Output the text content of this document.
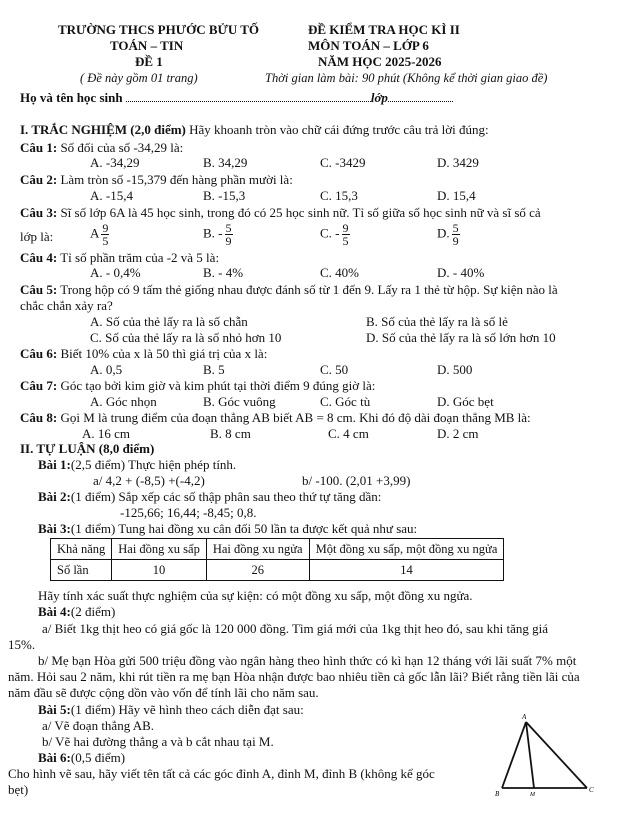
TRƯỜNG THCS PHƯỚC BỬU TỐ
TOÁN – TIN
ĐỀ 1
( Đề này gồm 01 trang)
ĐỀ KIỂM TRA HỌC KÌ II
MÔN TOÁN – LỚP 6
NĂM HỌC 2025-2026
Thời gian làm bài: 90 phút (Không kể thời gian giao đề)
Họ và tên học sinh	lớp
I. TRẮC NGHIỆM (2,0 điểm) Hãy khoanh tròn vào chữ cái đứng trước câu trả lời đúng:
Câu 1: Số đối của số -34,29 là:
A. -34,29	B. 34,29	C. -3429	D. 3429
Câu 2: Làm tròn số -15,379 đến hàng phần mười là:
A. -15,4	B. -15,3	C. 15,3	D. 15,4
Câu 3: Sĩ số lớp 6A là 45 học sinh, trong đó có 25 học sinh nữ. Tỉ số giữa số học sinh nữ và sĩ số cả
lớp là:	A $\frac{9}{5}$	B. - $\frac{5}{9}$	C. - $\frac{9}{5}$	D. $\frac{5}{9}$
Câu 4: Tỉ số phần trăm của -2 và 5 là:
A. - 0,4%	B. - 4%	C. 40%	D. - 40%
Câu 5: Trong hộp có 9 tấm thẻ giống nhau được đánh số từ 1 đến 9. Lấy ra 1 thẻ từ hộp. Sự kiện nào là
chắc chắn xảy ra?
A. Số của thẻ lấy ra là số chẵn	B. Số của thẻ lấy ra là số lẻ
C. Số của thẻ lấy ra là số nhỏ hơn 10	D. Số của thẻ lấy ra là số lớn hơn 10
Câu 6: Biết 10% của x là 50 thì giá trị của x là:
A. 0,5	B. 5	C. 50	D. 500
Câu 7: Góc tạo bởi kim giờ và kim phút tại thời điểm 9 đúng giờ là:
A. Góc nhọn	B. Góc vuông	C. Góc tù	D. Góc bẹt
Câu 8: Gọi M là trung điểm của đoạn thẳng AB biết AB = 8 cm. Khi đó độ dài đoạn thẳng MB là:
A. 16 cm	B. 8 cm	C. 4 cm	D. 2 cm
II. TỰ LUẬN (8,0 điểm)
Bài 1:(2,5 điểm) Thực hiện phép tính.
a/ 4,2 + (-8,5) +(-4,2)	b/ -100. (2,01 +3,99)
Bài 2:(1 điểm) Sắp xếp các số thập phân sau theo thứ tự tăng dần:
-125,66; 16,44; -8,45; 0,8.
Bài 3:(1 điểm) Tung hai đồng xu cân đối 50 lần ta được kết quả như sau:
Khả năng	Hai đồng xu sấp	Hai đồng xu ngửa	Một đồng xu sấp, một đồng xu ngửa
Số lần	10	26	14
Hãy tính xác suất thực nghiệm của sự kiện: có một đồng xu sấp, một đồng xu ngửa.
Bài 4:(2 điểm)
a/ Biết 1kg thịt heo có giá gốc là 120 000 đồng. Tìm giá mới của 1kg thịt heo đó, sau khi tăng giá
15%.
b/ Mẹ bạn Hòa gửi 500 triệu đồng vào ngân hàng theo hình thức có kì hạn 12 tháng với lãi suất 7% một
năm. Hỏi sau 2 năm, khi rút tiền ra mẹ bạn Hòa nhận được bao nhiêu tiền cả gốc lẫn lãi? Biết rằng tiền lãi của
năm đầu sẽ được cộng dồn vào vốn để tính lãi cho năm sau.
Bài 5:(1 điểm) Hãy vẽ hình theo cách diễn đạt sau:
a/ Vẽ đoạn thẳng AB.
b/ Vẽ hai đường thẳng a và b cắt nhau tại M.
Bài 6:(0,5 điểm)
Cho hình vẽ sau, hãy viết tên tất cả các góc đỉnh A, đỉnh M, đỉnh B (không kể góc
bẹt)
A
B	M
C
